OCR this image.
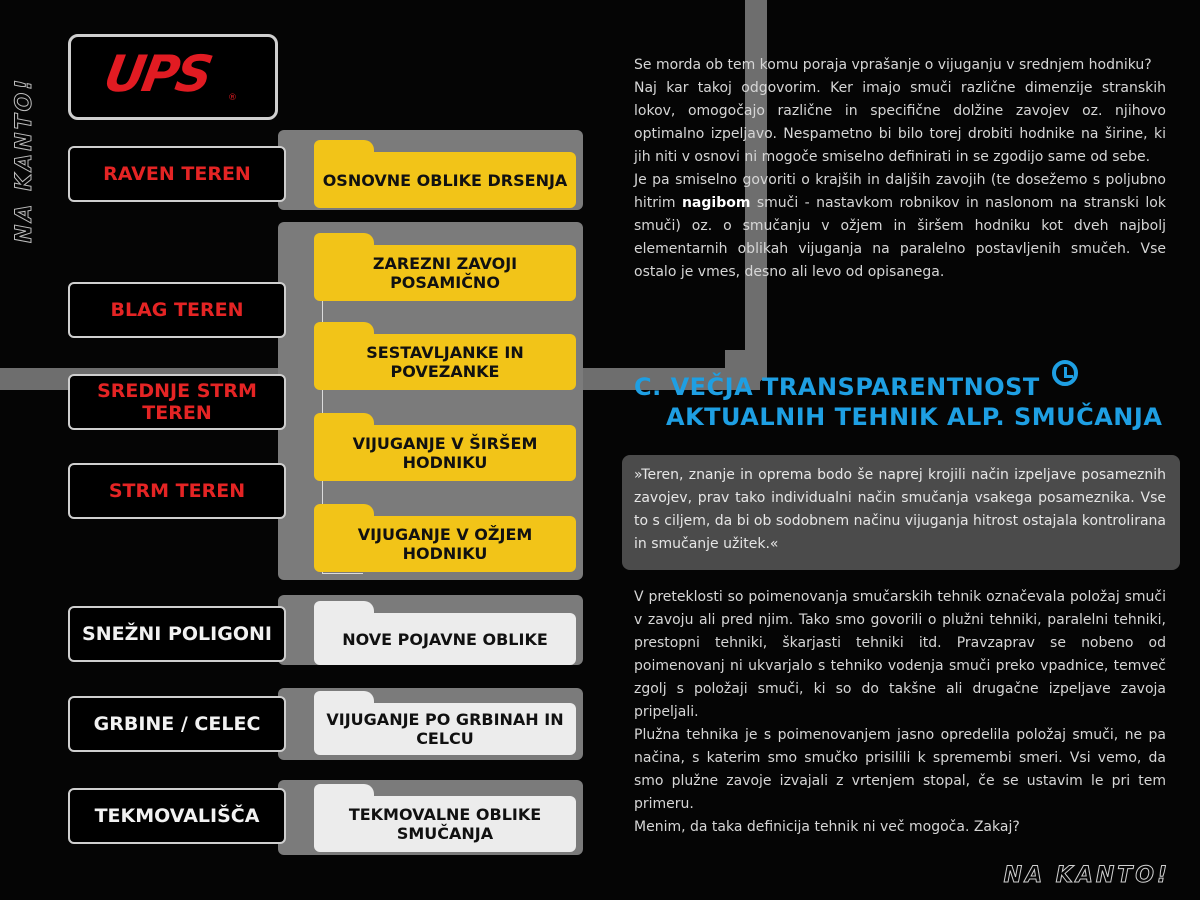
NA KANTO!
UPS ®
RAVEN TEREN
BLAG TEREN
SREDNJE STRM TEREN
STRM TEREN
SNEŽNI POLIGONI
GRBINE / CELEC
TEKMOVALIŠČA
OSNOVNE OBLIKE DRSENJA
ZAREZNI ZAVOJI POSAMIČNO
SESTAVLJANKE IN POVEZANKE
VIJUGANJE V ŠIRŠEM HODNIKU
VIJUGANJE V OŽJEM HODNIKU
NOVE POJAVNE OBLIKE
VIJUGANJE PO GRBINAH IN CELCU
TEKMOVALNE OBLIKE SMUČANJA
Se morda ob tem komu poraja vprašanje o vijuganju v srednjem hodniku?
Naj kar takoj odgovorim. Ker imajo smuči različne dimenzije stranskih lokov, omogočajo različne in specifične dolžine zavojev oz. njihovo optimalno izpeljavo. Nespametno bi bilo torej drobiti hodnike na širine, ki jih niti v osnovi ni mogoče smiselno definirati in se zgodijo same od sebe.
Je pa smiselno govoriti o krajših in daljših zavojih (te dosežemo s poljubno hitrim nagibom smuči - nastavkom robnikov in naslonom na stranski lok smuči) oz. o smučanju v ožjem in širšem hodniku kot dveh najbolj elementarnih oblikah vijuganja na paralelno postavljenih smučeh. Vse ostalo je vmes, desno ali levo od opisanega.
C. VEČJA TRANSPARENTNOST
AKTUALNIH TEHNIK ALP. SMUČANJA
»Teren, znanje in oprema bodo še naprej krojili način izpeljave posameznih zavojev, prav tako individualni način smučanja vsakega posameznika. Vse to s ciljem, da bi ob sodobnem načinu vijuganja hitrost ostajala kontrolirana in smučanje užitek.«
V preteklosti so poimenovanja smučarskih tehnik označevala položaj smuči v zavoju ali pred njim. Tako smo govorili o plužni tehniki, paralelni tehniki, prestopni tehniki, škarjasti tehniki itd. Pravzaprav se nobeno od poimenovanj ni ukvarjalo s tehniko vodenja smuči preko vpadnice, temveč zgolj s položaji smuči, ki so do takšne ali drugačne izpeljave zavoja pripeljali.
Plužna tehnika je s poimenovanjem jasno opredelila položaj smuči, ne pa načina, s katerim smo smučko prisilili k spremembi smeri. Vsi vemo, da smo plužne zavoje izvajali z vrtenjem stopal, če se ustavim le pri tem primeru.
Menim, da taka definicija tehnik ni več mogoča. Zakaj?
NA KANTO!
